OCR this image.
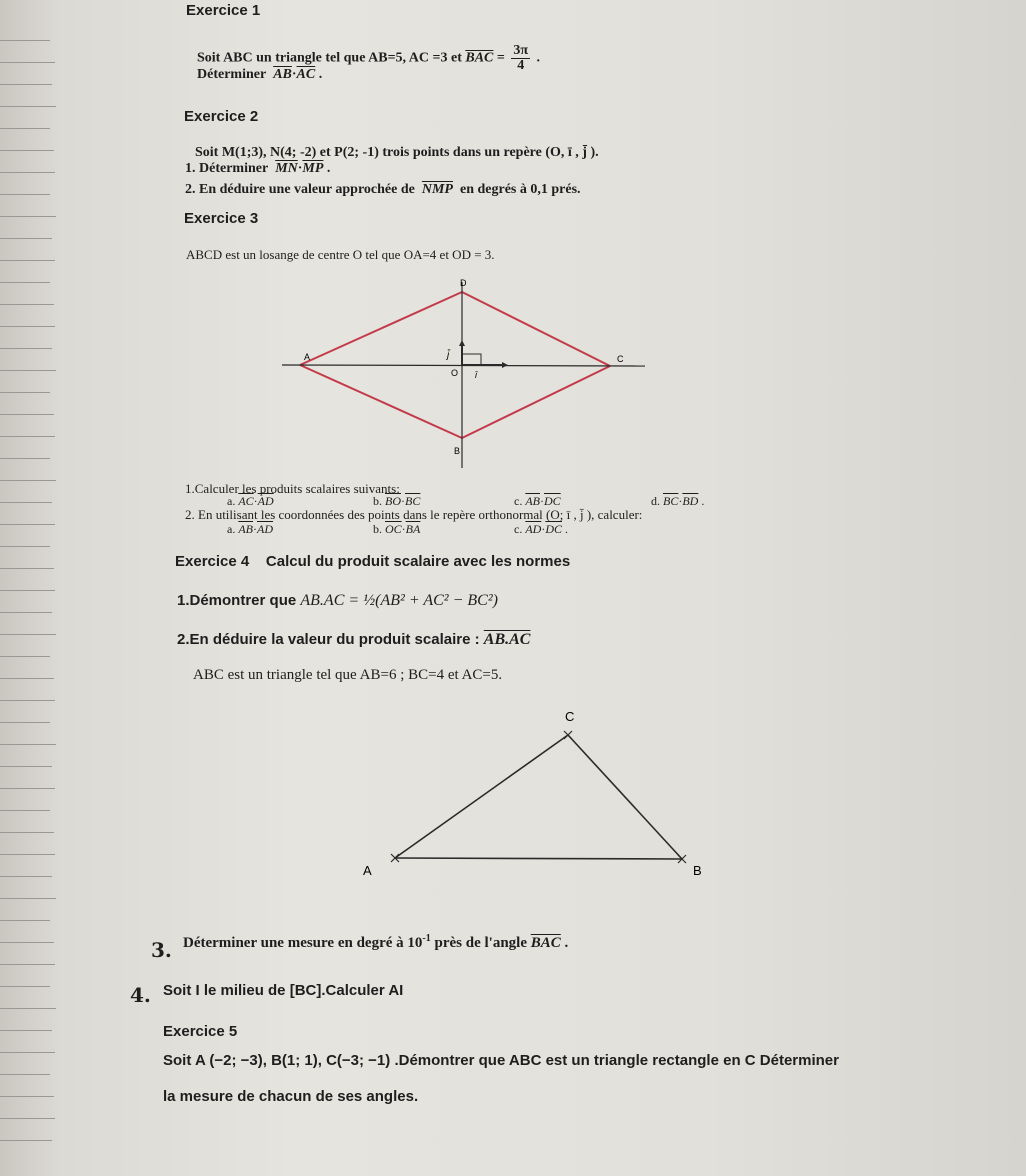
Exercice 1
Soit ABC un triangle tel que AB=5, AC =3 et $\overline{BAC} = \frac{3\pi}{4}$ .
Déterminer $\overline{AB}\cdot\overline{AC}$ .
Exercice 2
Soit M(1;3), N(4; -2) et P(2; -1) trois points dans un repère (O, ī , j̄ ).
1. Déterminer $\overline{MN}\cdot\overline{MP}$ .
2. En déduire une valeur approchée de $\overline{NMP}$ en degrés à 0,1 prés.
Exercice 3
ABCD est un losange de centre O tel que OA=4 et OD = 3.
D
A	C
B
O ī
j̄
1.Calculer les produits scalaires suivants:
a. $\overline{AC}\cdot\overline{AD}$	b. $\overline{BO}\cdot\overline{BC}$	c. $\overline{AB}\cdot\overline{DC}$	d. $\overline{BC}\cdot\overline{BD}$ .
2. En utilisant les coordonnées des points dans le repère orthonormal (O; ī , j̄ ), calculer:
a. $\overline{AB}\cdot\overline{AD}$	b. $\overline{OC}\cdot\overline{BA}$	c. $\overline{AD}\cdot\overline{DC}$ .
Exercice 4 Calcul du produit scalaire avec les normes
1.Démontrer que AB.AC = ½(AB² + AC² − BC²)
2.En déduire la valeur du produit scalaire : AB.AC
ABC est un triangle tel que AB=6 ; BC=4 et AC=5.
C
A	B
3. Déterminer une mesure en degré à $10^{-1}$ près de l'angle $\overline{BAC}$ .
4. Soit I le milieu de [BC].Calculer AI
Exercice 5
Soit A (−2; −3), B(1; 1), C(−3; −1) .Démontrer que ABC est un triangle rectangle en C Déterminer
la mesure de chacun de ses angles.
